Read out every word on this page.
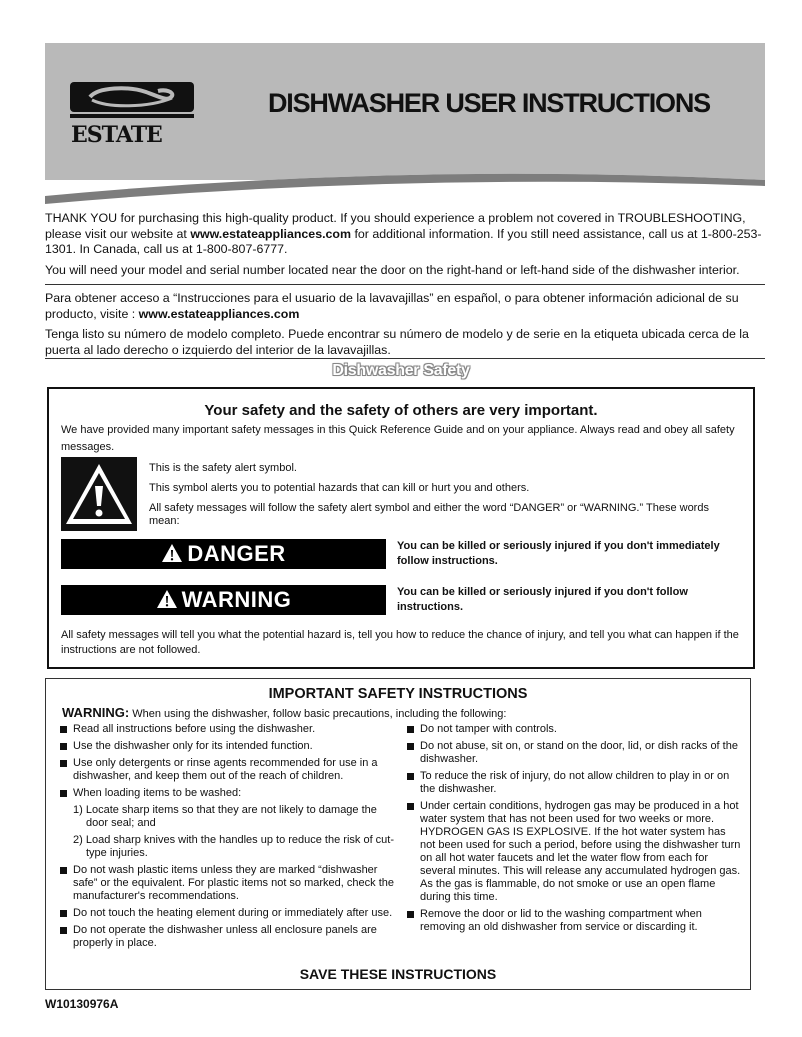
ESTATE
DISHWASHER USER INSTRUCTIONS

THANK YOU for purchasing this high-quality product. If you should experience a problem not covered in TROUBLESHOOTING, please visit our website at www.estateappliances.com for additional information. If you still need assistance, call us at 1-800-253-1301. In Canada, call us at 1-800-807-6777.

You will need your model and serial number located near the door on the right-hand or left-hand side of the dishwasher interior.

Para obtener acceso a “Instrucciones para el usuario de la lavavajillas” en español, o para obtener información adicional de su producto, visite : www.estateappliances.com

Tenga listo su número de modelo completo. Puede encontrar su número de modelo y de serie en la etiqueta ubicada cerca de la puerta al lado derecho o izquierdo del interior de la lavavajillas.

Dishwasher Safety
Your safety and the safety of others are very important.
We have provided many important safety messages in this Quick Reference Guide and on your appliance. Always read and obey all safety messages.
This is the safety alert symbol.
This symbol alerts you to potential hazards that can kill or hurt you and others.
All safety messages will follow the safety alert symbol and either the word “DANGER” or “WARNING.” These words mean:
DANGER	You can be killed or seriously injured if you don't immediately follow instructions.
WARNING	You can be killed or seriously injured if you don't follow instructions.
All safety messages will tell you what the potential hazard is, tell you how to reduce the chance of injury, and tell you what can happen if the instructions are not followed.
IMPORTANT SAFETY INSTRUCTIONS
WARNING: When using the dishwasher, follow basic precautions, including the following:
Read all instructions before using the dishwasher.
Use the dishwasher only for its intended function.
Use only detergents or rinse agents recommended for use in a dishwasher, and keep them out of the reach of children.
When loading items to be washed:
1) Locate sharp items so that they are not likely to damage the door seal; and
2) Load sharp knives with the handles up to reduce the risk of cut-type injuries.
Do not wash plastic items unless they are marked “dishwasher safe” or the equivalent. For plastic items not so marked, check the manufacturer's recommendations.
Do not touch the heating element during or immediately after use.
Do not operate the dishwasher unless all enclosure panels are properly in place.
Do not tamper with controls.
Do not abuse, sit on, or stand on the door, lid, or dish racks of the dishwasher.
To reduce the risk of injury, do not allow children to play in or on the dishwasher.
Under certain conditions, hydrogen gas may be produced in a hot water system that has not been used for two weeks or more. HYDROGEN GAS IS EXPLOSIVE. If the hot water system has not been used for such a period, before using the dishwasher turn on all hot water faucets and let the water flow from each for several minutes. This will release any accumulated hydrogen gas. As the gas is flammable, do not smoke or use an open flame during this time.
Remove the door or lid to the washing compartment when removing an old dishwasher from service or discarding it.
SAVE THESE INSTRUCTIONS
W10130976A
